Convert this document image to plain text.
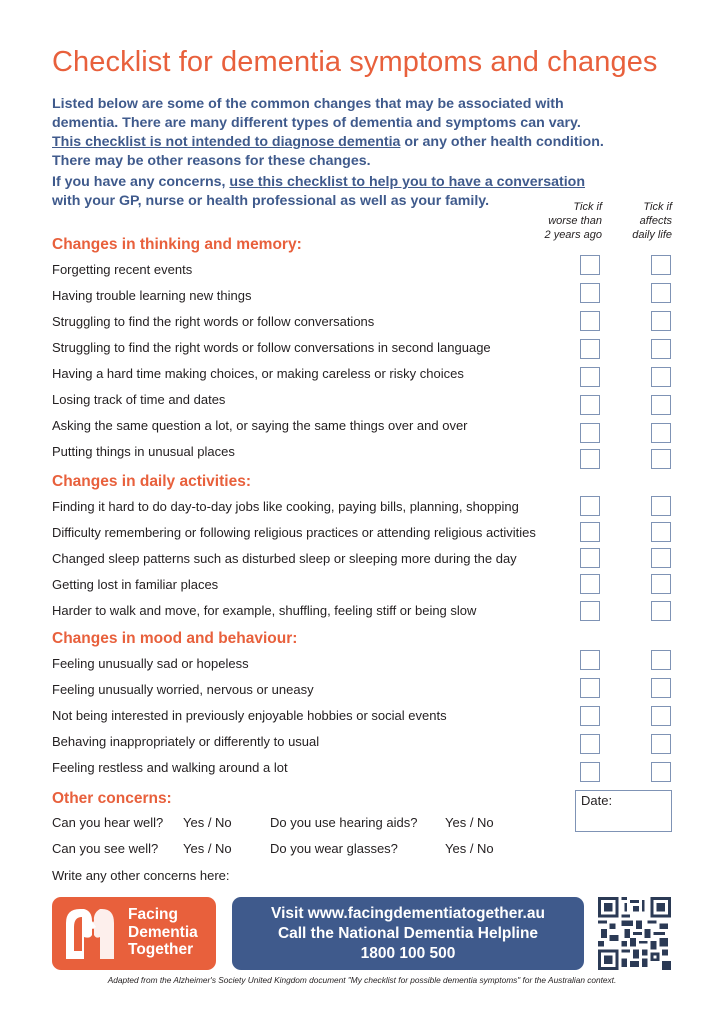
Checklist for dementia symptoms and changes
Listed below are some of the common changes that may be associated with
dementia. There are many different types of dementia and symptoms can vary.
This checklist is not intended to diagnose dementia or any other health condition.
There may be other reasons for these changes.
If you have any concerns, use this checklist to help you to have a conversation
with your GP, nurse or health professional as well as your family.	Tick if
worse than
2 years ago
Tick if
affects
daily life
Changes in thinking and memory:
Forgetting recent events
Having trouble learning new things
Struggling to find the right words or follow conversations
Struggling to find the right words or follow conversations in second language
Having a hard time making choices, or making careless or risky choices
Losing track of time and dates
Asking the same question a lot, or saying the same things over and over
Putting things in unusual places
Changes in daily activities:
Finding it hard to do day-to-day jobs like cooking, paying bills, planning, shopping
Difficulty remembering or following religious practices or attending religious activities
Changed sleep patterns such as disturbed sleep or sleeping more during the day
Getting lost in familiar places
Harder to walk and move, for example, shuffling, feeling stiff or being slow
Changes in mood and behaviour:
Feeling unusually sad or hopeless
Feeling unusually worried, nervous or uneasy
Not being interested in previously enjoyable hobbies or social events
Behaving inappropriately or differently to usual
Feeling restless and walking around a lot
Other concerns:
Can you hear well? Yes / No	Do you use hearing aids? Yes / No
Can you see well? Yes / No	Do you wear glasses?	Yes / No
Write any other concerns here:
Date:
Facing
Dementia
Together
Visit www.facingdementiatogether.au
Call the National Dementia Helpline
1800 100 500
Adapted from the Alzheimer's Society United Kingdom document "My checklist for possible dementia symptoms" for the Australian context.
